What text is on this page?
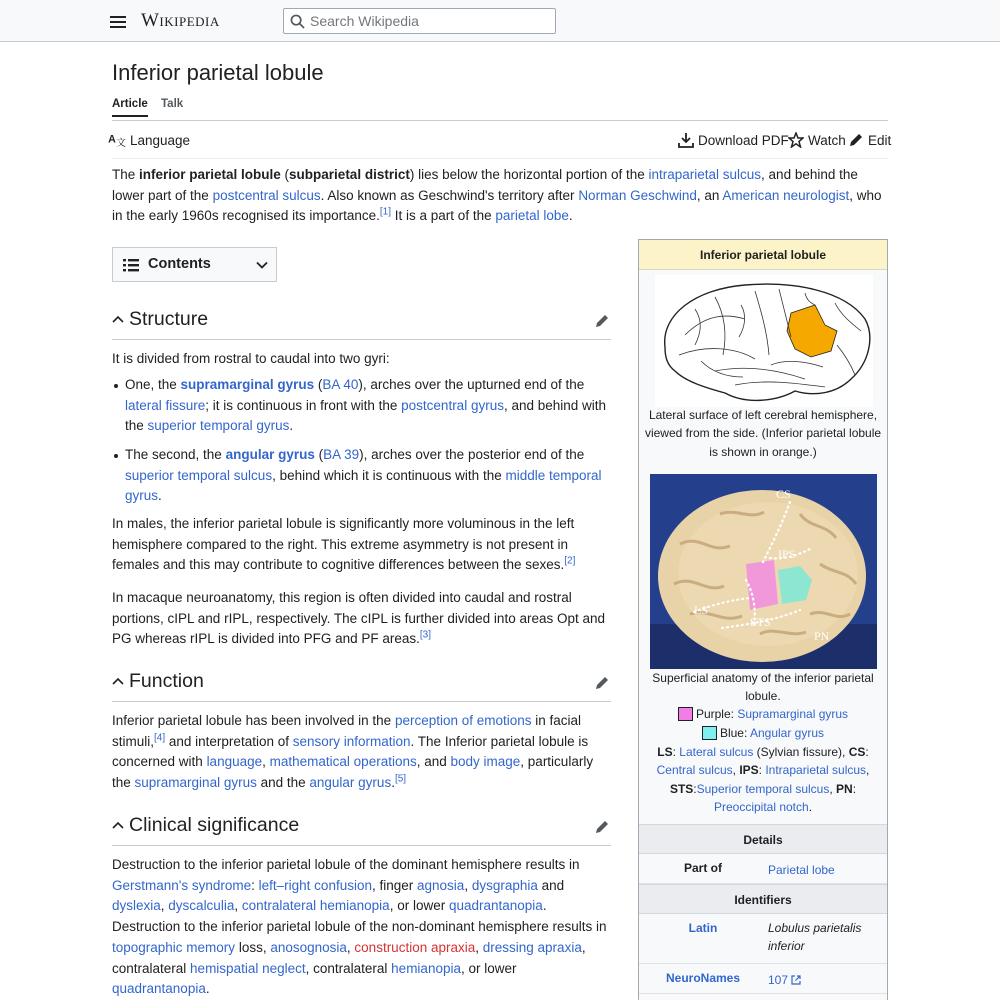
Wikipedia
Search Wikipedia
Inferior parietal lobule
Article Talk
A 文 Language	Download PDF Watch Edit

The inferior parietal lobule (subparietal district) lies below the horizontal portion of the intraparietal sulcus, and behind the lower part of the postcentral sulcus. Also known as Geschwind's territory after Norman Geschwind, an American neurologist, who in the early 1960s recognised its importance.[1] It is a part of the parietal lobe.

Contents
Structure

It is divided from rostral to caudal into two gyri:

One, the supramarginal gyrus (BA 40), arches over the upturned end of the lateral fissure; it is continuous in front with the postcentral gyrus, and behind with the superior temporal gyrus.
The second, the angular gyrus (BA 39), arches over the posterior end of the superior temporal sulcus, behind which it is continuous with the middle temporal gyrus.

In males, the inferior parietal lobule is significantly more voluminous in the left hemisphere compared to the right. This extreme asymmetry is not present in females and this may contribute to cognitive differences between the sexes.[2]

In macaque neuroanatomy, this region is often divided into caudal and rostral portions, cIPL and rIPL, respectively. The cIPL is further divided into areas Opt and PG whereas rIPL is divided into PFG and PF areas.[3]

Function

Inferior parietal lobule has been involved in the perception of emotions in facial stimuli,[4] and interpretation of sensory information. The Inferior parietal lobule is concerned with language, mathematical operations, and body image, particularly the supramarginal gyrus and the angular gyrus.[5]

Clinical significance

Destruction to the inferior parietal lobule of the dominant hemisphere results in Gerstmann's syndrome: left–right confusion, finger agnosia, dysgraphia and dyslexia, dyscalculia, contralateral hemianopia, or lower quadrantanopia.
Destruction to the inferior parietal lobule of the non-dominant hemisphere results in topographic memory loss, anosognosia, construction apraxia, dressing apraxia, contralateral hemispatial neglect, contralateral hemianopia, or lower quadrantanopia.

Inferior parietal lobule
Lateral surface of left cerebral hemisphere, viewed from the side. (Inferior parietal lobule is shown in orange.)
CS
IPS
LS
STS
PN
Superficial anatomy of the inferior parietal lobule.
Purple: Supramarginal gyrus
Blue: Angular gyrus
LS: Lateral sulcus (Sylvian fissure), CS: Central sulcus, IPS: Intraparietal sulcus, STS:Superior temporal sulcus, PN: Preoccipital notch.
Details
Part of	Parietal lobe
Identifiers
Latin	Lobulus parietalis inferior
NeuroNames	107
